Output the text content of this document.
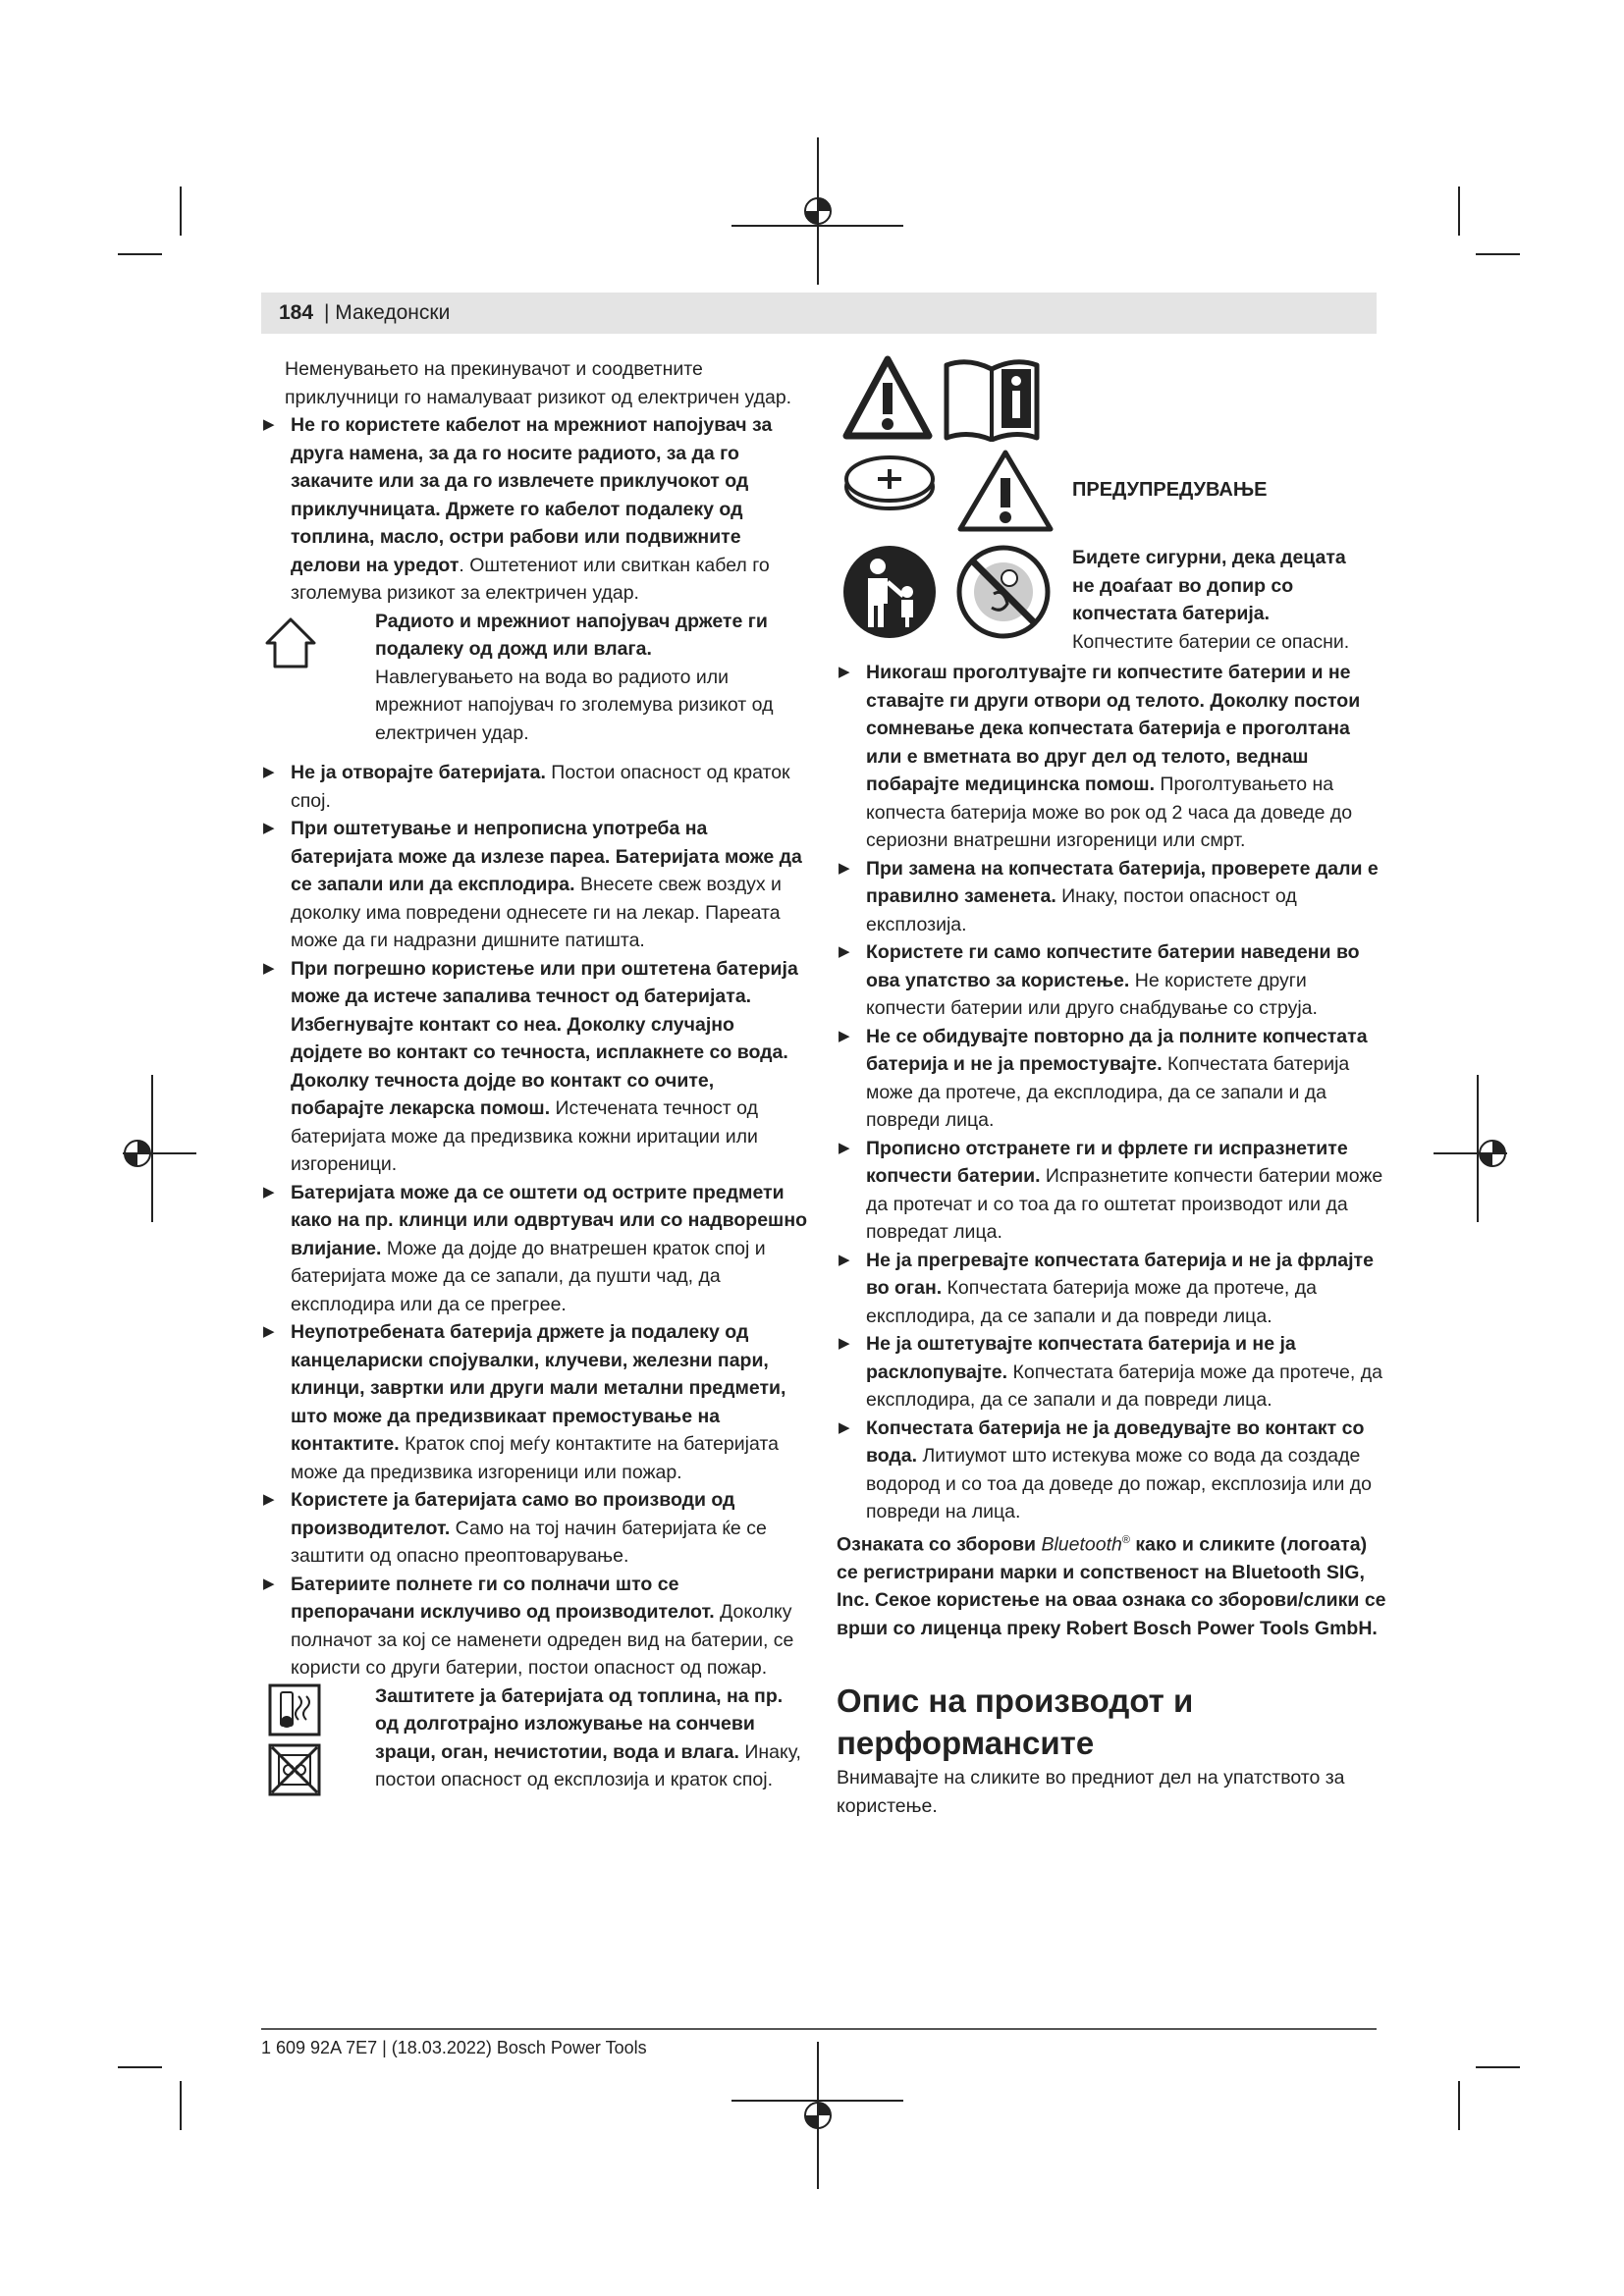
184 | Македонски

Неменувањето на прекинувачот и соодветните приклучници го намалуваат ризикот од електричен удар.

▶ Не го користете кабелот на мрежниот напојувач за друга намена, за да го носите радиото, за да го закачите или за да го извлечете приклучокот од приклучницата. Држете го кабелот подалеку од топлина, масло, остри рабови или подвижните делови на уредот. Оштетениот или свиткан кабел го зголемува ризикот за електричен удар.

Радиото и мрежниот напојувач држете ги подалеку од дожд или влага.

Навлегувањето на вода во радиото или мрежниот напојувач го зголемува ризикот од електричен удар.

▶ Не ја отворајте батеријата. Постои опасност од краток спој.

▶ При оштетување и непрописна употреба на батеријата може да излезе пареа. Батеријата може да се запали или да експлодира. Внесете свеж воздух и доколку има повредени однесете ги на лекар. Пареата може да ги надразни дишните патишта.

▶ При погрешно користење или при оштетена батерија може да истече запалива течност од батеријата. Избегнувајте контакт со неа. Доколку случајно дојдете во контакт со течноста, исплакнете со вода. Доколку течноста дојде во контакт со очите, побарајте лекарска помош. Истечената течност од батеријата може да предизвика кожни иритации или изгореници.

▶ Батеријата може да се оштети од острите предмети како на пр. клинци или одвртувач или со надворешно влијание. Може да дојде до внатрешен краток спој и батеријата може да се запали, да пушти чад, да експлодира или да се прегрее.

▶ Неупотребената батерија држете ја подалеку од канцелариски спојувалки, клучеви, железни пари, клинци, завртки или други мали метални предмети, што може да предизвикаат премостување на контактите. Краток спој меѓу контактите на батеријата може да предизвика изгореници или пожар.

▶ Користете ја батеријата само во производи од производителот. Само на тој начин батеријата ќе се заштити од опасно преоптоварување.

▶ Батериите полнете ги со полначи што се препорачани исклучиво од производителот. Доколку полначот за кој се наменети одреден вид на батерии, се користи со други батерии, постои опасност од пожар.

Заштитете ја батеријата од топлина, на пр. од долготрајно изложување на сончеви зраци, оган, нечистотии, вода и влага. Инаку, постои опасност од експлозија и краток спој.

ПРЕДУПРЕДУВАЊЕ

Бидете сигурни, дека децата не доаѓаат во допир со копчестата батерија.

Копчестите батерии се опасни.

▶ Никогаш проголтувајте ги копчестите батерии и не ставајте ги други отвори од телото. Доколку постои сомневање дека копчестата батерија е проголтана или е вметната во друг дел од телото, веднаш побарајте медицинска помош. Проголтувањето на копчеста батерија може во рок од 2 часа да доведе до сериозни внатрешни изгореници или смрт.

▶ При замена на копчестата батерија, проверете дали е правилно заменета. Инаку, постои опасност од експлозија.

▶ Користете ги само копчестите батерии наведени во ова упатство за користење. Не користете други копчести батерии или друго снабдување со струја.

▶ Не се обидувајте повторно да ја полните копчестата батерија и не ја премостувајте. Копчестата батерија може да протече, да експлодира, да се запали и да повреди лица.

▶ Прописно отстранете ги и фрлете ги испразнетите копчести батерии. Испразнетите копчести батерии може да протечат и со тоа да го оштетат производот или да повредат лица.

▶ Не ја прегревајте копчестата батерија и не ја фрлајте во оган. Копчестата батерија може да протече, да експлодира, да се запали и да повреди лица.

▶ Не ја оштетувајте копчестата батерија и не ја расклопувајте. Копчестата батерија може да протече, да експлодира, да се запали и да повреди лица.

▶ Копчестата батерија не ја доведувајте во контакт со вода. Литиумот што истекува може со вода да создаде водород и со тоа да доведе до пожар, експлозија или до повреди на лица.

Ознаката со зборови Bluetooth® како и сликите (логоата) се регистрирани марки и сопственост на Bluetooth SIG, Inc. Секое користење на оваа ознака со зборови/слики се врши со лиценца преку Robert Bosch Power Tools GmbH.

Опис на производот и перформансите

Внимавајте на сликите во предниот дел на упатството за користење.

1 609 92A 7E7 | (18.03.2022) Bosch Power Tools
